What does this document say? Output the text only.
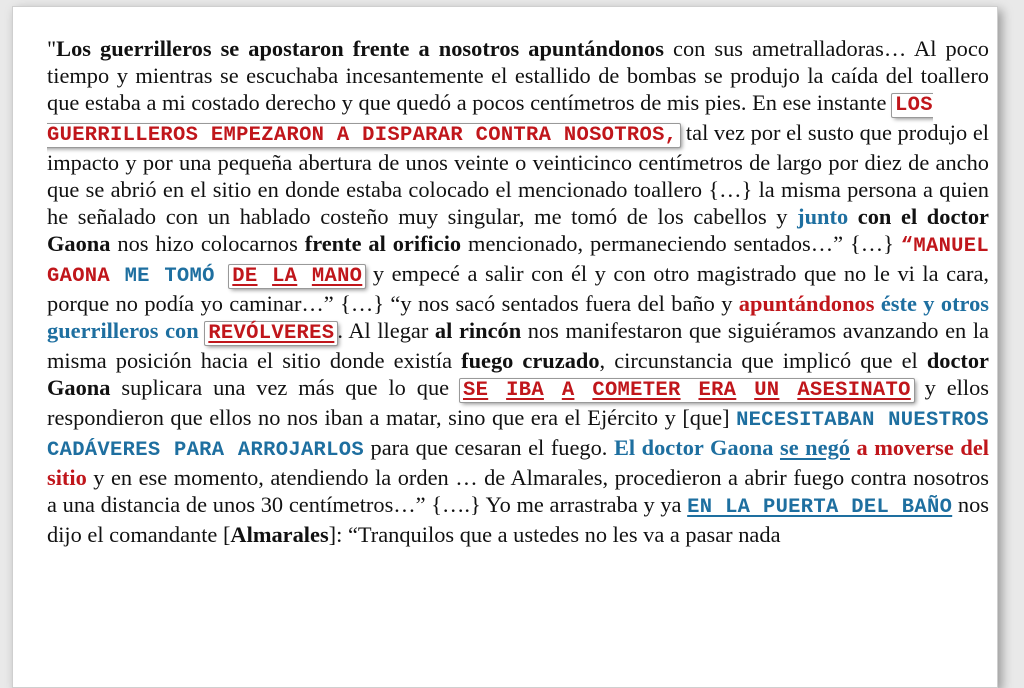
"Los guerrilleros se apostaron frente a nosotros apuntándonos con sus ametralladoras… Al poco tiempo y mientras se escuchaba incesantemente el estallido de bombas se produjo la caída del toallero que estaba a mi costado derecho y que quedó a pocos centímetros de mis pies. En ese instante LOS
GUERRILLEROS EMPEZARON A DISPARAR CONTRA NOSOTROS, tal vez por el susto que produjo el impacto y por una pequeña abertura de unos veinte o veinticinco centímetros de largo por diez de ancho que se abrió en el sitio en donde estaba colocado el mencionado toallero {…} la misma persona a quien he señalado con un hablado costeño muy singular, me tomó de los cabellos y junto con el doctor Gaona nos hizo colocarnos frente al orificio mencionado, permaneciendo sentados…” {…} “MANUEL GAONA ME TOMÓ DE LA MANO y empecé a salir con él y con otro magistrado que no le vi la cara, porque no podía yo caminar…” {…} “y nos sacó sentados fuera del baño y apuntándonos éste y otros guerrilleros con REVÓLVERES . Al llegar al rincón nos manifestaron que siguiéramos avanzando en la misma posición hacia el sitio donde existía fuego cruzado, circunstancia que implicó que el doctor Gaona suplicara una vez más que lo que SE IBA A COMETER ERA UN ASESINATO y ellos respondieron que ellos no nos iban a matar, sino que era el Ejército y [que] NECESITABAN NUESTROS CADÁVERES PARA ARROJARLOS para que cesaran el fuego. El doctor Gaona se negó a moverse del sitio y en ese momento, atendiendo la orden … de Almarales, procedieron a abrir fuego contra nosotros a una distancia de unos 30 centímetros…” {….} Yo me arrastraba y ya EN LA PUERTA DEL BAÑO nos dijo el comandante [Almarales]: “Tranquilos que a ustedes no les va a pasar nada
